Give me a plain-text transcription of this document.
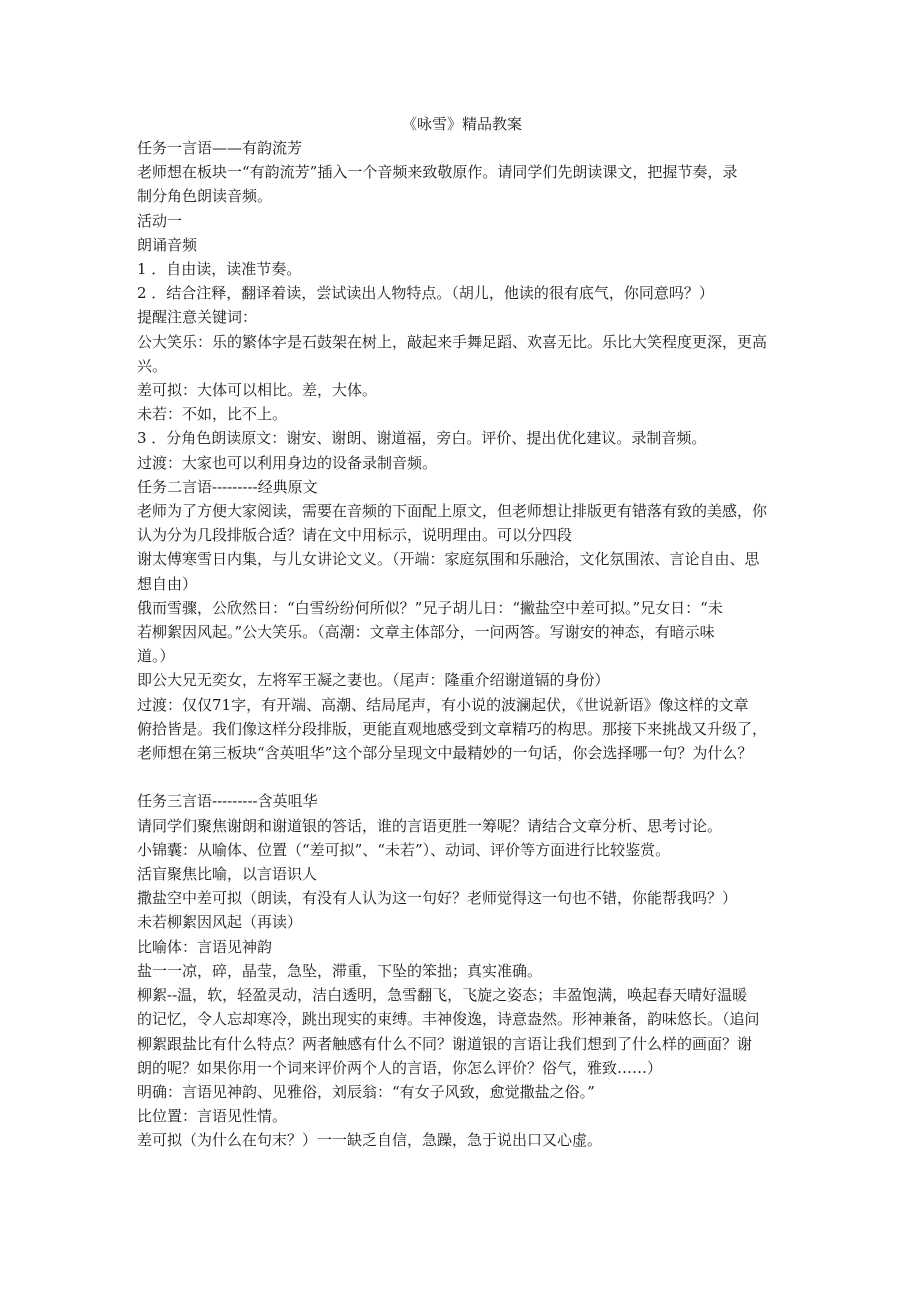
《咏雪》精品教案
任务一言语——有韵流芳
老师想在板块一“有韵流芳”插入一个音频来致敬原作。请同学们先朗读课文，把握节奏，录
制分角色朗读音频。
活动一
朗诵音频
1 ．自由读，读准节奏。
2 ．结合注释，翻译着读，尝试读出人物特点。（胡儿，他读的很有底气，你同意吗？）
提醒注意关键词：
公大笑乐：乐的繁体字是石鼓架在树上，敲起来手舞足蹈、欢喜无比。乐比大笑程度更深，更高
兴。
差可拟：大体可以相比。差，大体。
未若：不如，比不上。
3 ．分角色朗读原文：谢安、谢朗、谢道福，旁白。评价、提出优化建议。录制音频。
过渡：大家也可以利用身边的设备录制音频。
任务二言语---------经典原文
老师为了方便大家阅读，需要在音频的下面配上原文，但老师想让排版更有错落有致的美感，你
认为分为几段排版合适？请在文中用标示，说明理由。可以分四段
谢太傅寒雪日内集，与儿女讲论文义。（开端：家庭氛围和乐融洽，文化氛围浓、言论自由、思
想自由）
俄而雪骤，公欣然日：“白雪纷纷何所似？”兄子胡儿日：“撇盐空中差可拟。”兄女日：“未
若柳絮因风起。”公大笑乐。（高潮：文章主体部分，一问两答。写谢安的神态，有暗示味
道。）
即公大兄无奕女，左将军王凝之妻也。（尾声：隆重介绍谢道镉的身份）
过渡：仅仅71字，有开端、高潮、结局尾声，有小说的波澜起伏，《世说新语》像这样的文章
俯拾皆是。我们像这样分段排版，更能直观地感受到文章精巧的构思。那接下来挑战又升级了，
老师想在第三板块“含英咀华”这个部分呈现文中最精妙的一句话，你会选择哪一句？为什么？
任务三言语---------含英咀华
请同学们聚焦谢朗和谢道银的答话，谁的言语更胜一筹呢？请结合文章分析、思考讨论。
小锦囊：从喻体、位置（“差可拟”、“未若”）、动词、评价等方面进行比较鉴赏。
活盲聚焦比喻，以言语识人
撒盐空中差可拟（朗读，有没有人认为这一句好？老师觉得这一句也不错，你能帮我吗？）
未若柳絮因风起（再读）
比喻体：言语见神韵
盐一一凉，碎，晶莹，急坠，滞重，下坠的笨拙；真实准确。
柳絮--温，软，轻盈灵动，洁白透明，急雪翻飞，飞旋之姿态；丰盈饱满，唤起春天晴好温暖
的记忆，令人忘却寒冷，跳出现实的束缚。丰神俊逸，诗意盎然。形神兼备，韵味悠长。（追问
柳絮跟盐比有什么特点？两者触感有什么不同？谢道银的言语让我们想到了什么样的画面？谢
朗的呢？如果你用一个词来评价两个人的言语，你怎么评价？俗气，雅致……）
明确：言语见神韵、见雅俗，刘辰翁：“有女子风致，愈觉撒盐之俗。”
比位置：言语见性情。
差可拟（为什么在句末？）一一缺乏自信，急躁，急于说出口又心虚。
